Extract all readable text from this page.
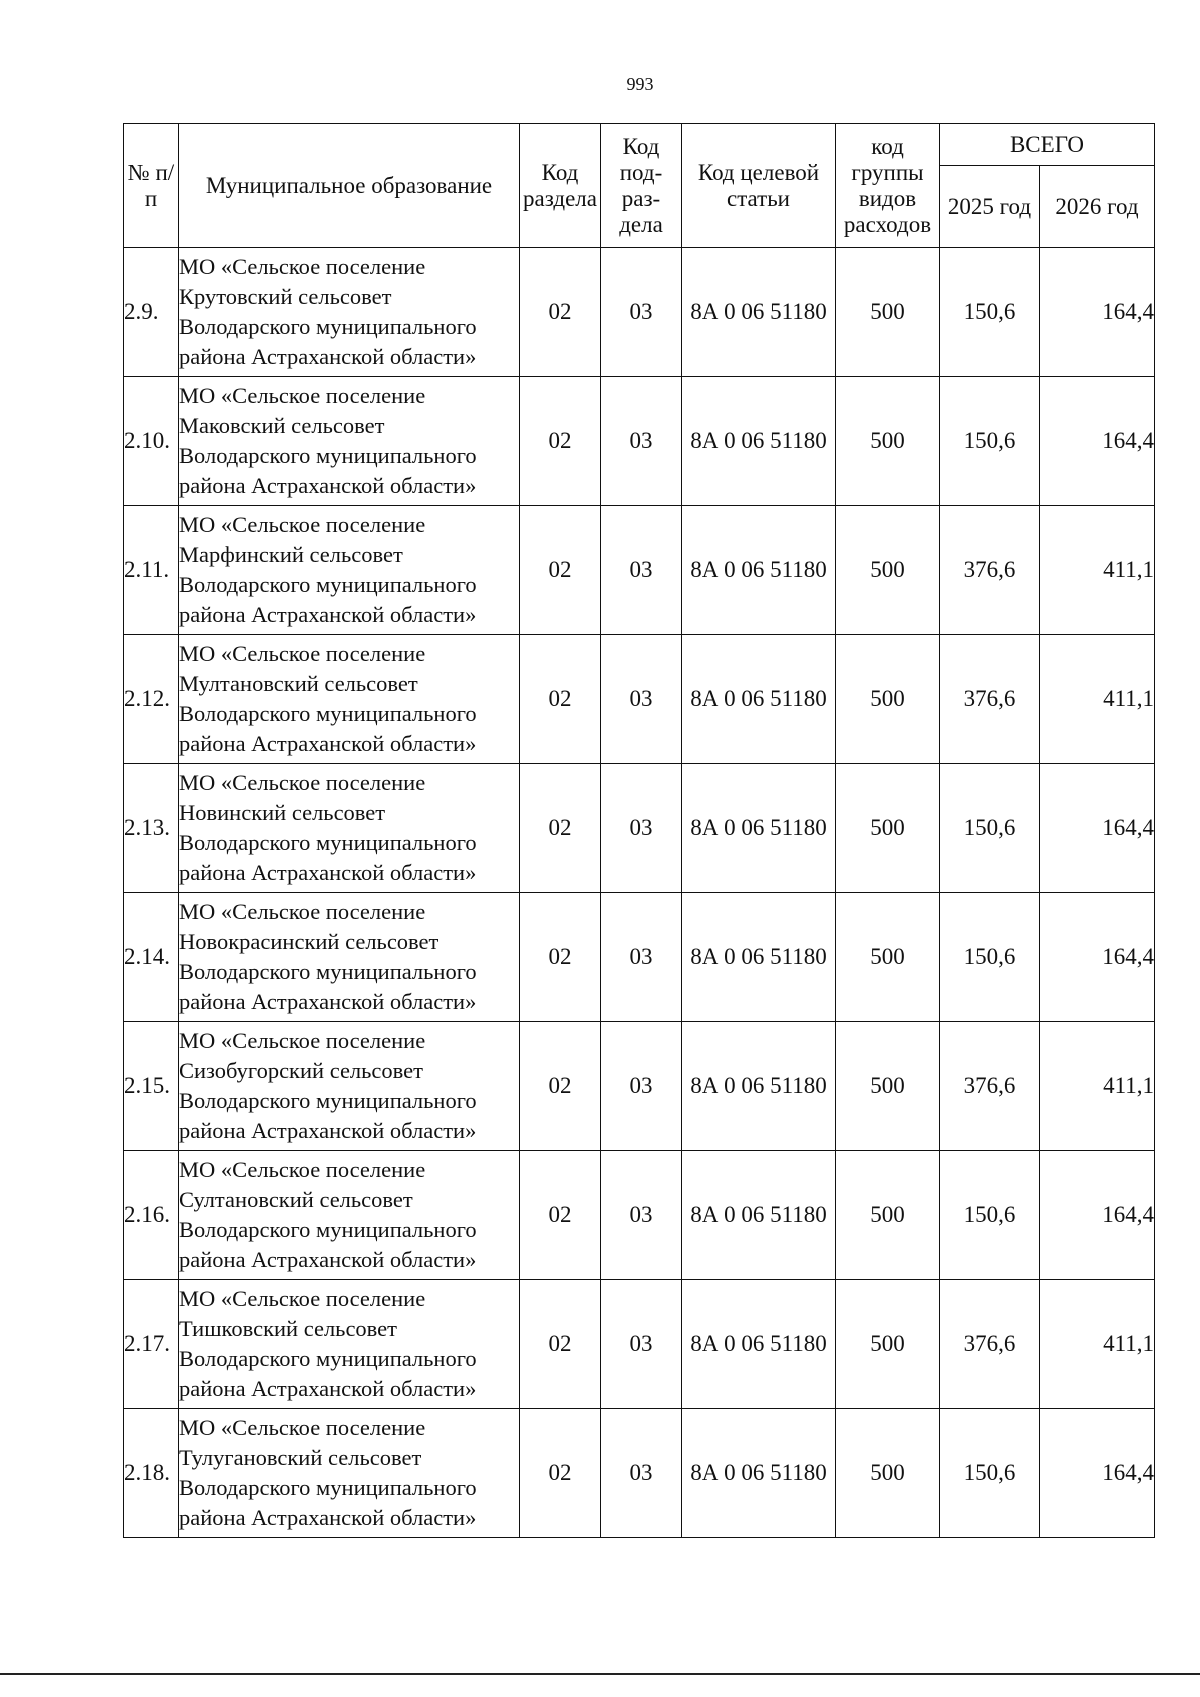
993
№ п/п	Муниципальное образование	Код раздела	Код под-раз-дела	Код целевой статьи	код группы видов расходов	ВСЕГО	
						2025 год	2026 год
2.9.	МО «Сельское поселение
Крутовский сельсовет
Володарского муниципального
района Астраханской области»	02	03	8А 0 06 51180	500	150,6	164,4
2.10.	МО «Сельское поселение
Маковский сельсовет
Володарского муниципального
района Астраханской области»	02	03	8А 0 06 51180	500	150,6	164,4
2.11.	МО «Сельское поселение
Марфинский сельсовет
Володарского муниципального
района Астраханской области»	02	03	8А 0 06 51180	500	376,6	411,1
2.12.	МО «Сельское поселение
Мултановский сельсовет
Володарского муниципального
района Астраханской области»	02	03	8А 0 06 51180	500	376,6	411,1
2.13.	МО «Сельское поселение
Новинский сельсовет
Володарского муниципального
района Астраханской области»	02	03	8А 0 06 51180	500	150,6	164,4
2.14.	МО «Сельское поселение
Новокрасинский сельсовет
Володарского муниципального
района Астраханской области»	02	03	8А 0 06 51180	500	150,6	164,4
2.15.	МО «Сельское поселение
Сизобугорский сельсовет
Володарского муниципального
района Астраханской области»	02	03	8А 0 06 51180	500	376,6	411,1
2.16.	МО «Сельское поселение
Султановский сельсовет
Володарского муниципального
района Астраханской области»	02	03	8А 0 06 51180	500	150,6	164,4
2.17.	МО «Сельское поселение
Тишковский сельсовет
Володарского муниципального
района Астраханской области»	02	03	8А 0 06 51180	500	376,6	411,1
2.18.	МО «Сельское поселение
Тулугановский сельсовет
Володарского муниципального
района Астраханской области»	02	03	8А 0 06 51180	500	150,6	164,4
